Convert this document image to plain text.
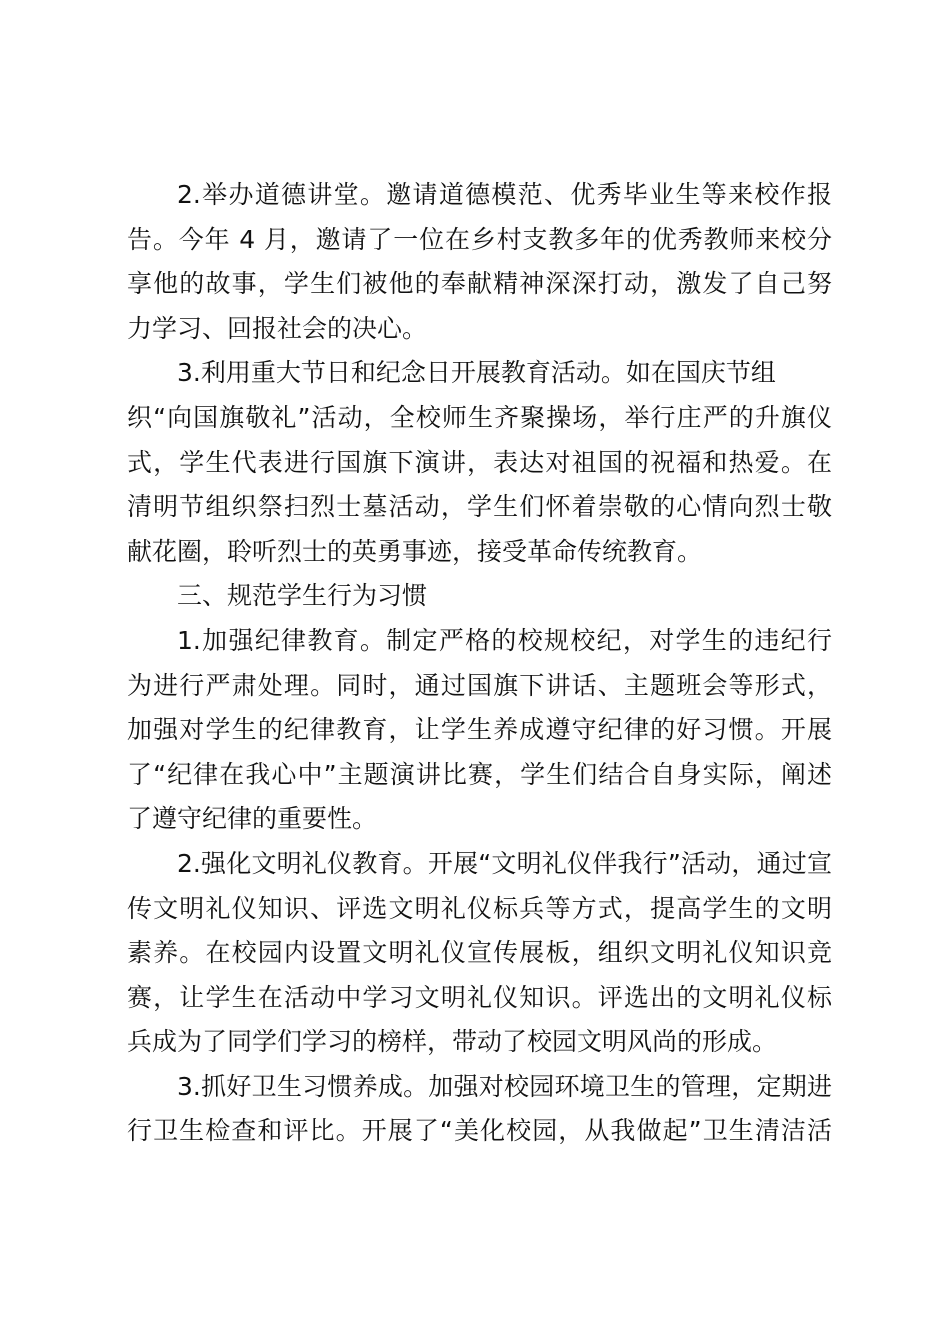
2.举办道德讲堂。邀请道德模范、优秀毕业生等来校作报
告。今年 4 月，邀请了一位在乡村支教多年的优秀教师来校分
享他的故事，学生们被他的奉献精神深深打动，激发了自己努
力学习、回报社会的决心。
3.利用重大节日和纪念日开展教育活动。如在国庆节组
织“向国旗敬礼”活动，全校师生齐聚操场，举行庄严的升旗仪
式，学生代表进行国旗下演讲，表达对祖国的祝福和热爱。在
清明节组织祭扫烈士墓活动，学生们怀着崇敬的心情向烈士敬
献花圈，聆听烈士的英勇事迹，接受革命传统教育。
三、规范学生行为习惯
1.加强纪律教育。制定严格的校规校纪，对学生的违纪行
为进行严肃处理。同时，通过国旗下讲话、主题班会等形式，
加强对学生的纪律教育，让学生养成遵守纪律的好习惯。开展
了“纪律在我心中”主题演讲比赛，学生们结合自身实际，阐述
了遵守纪律的重要性。
2.强化文明礼仪教育。开展“文明礼仪伴我行”活动，通过宣
传文明礼仪知识、评选文明礼仪标兵等方式，提高学生的文明
素养。在校园内设置文明礼仪宣传展板，组织文明礼仪知识竞
赛，让学生在活动中学习文明礼仪知识。评选出的文明礼仪标
兵成为了同学们学习的榜样，带动了校园文明风尚的形成。
3.抓好卫生习惯养成。加强对校园环境卫生的管理，定期进
行卫生检查和评比。开展了“美化校园，从我做起”卫生清洁活
